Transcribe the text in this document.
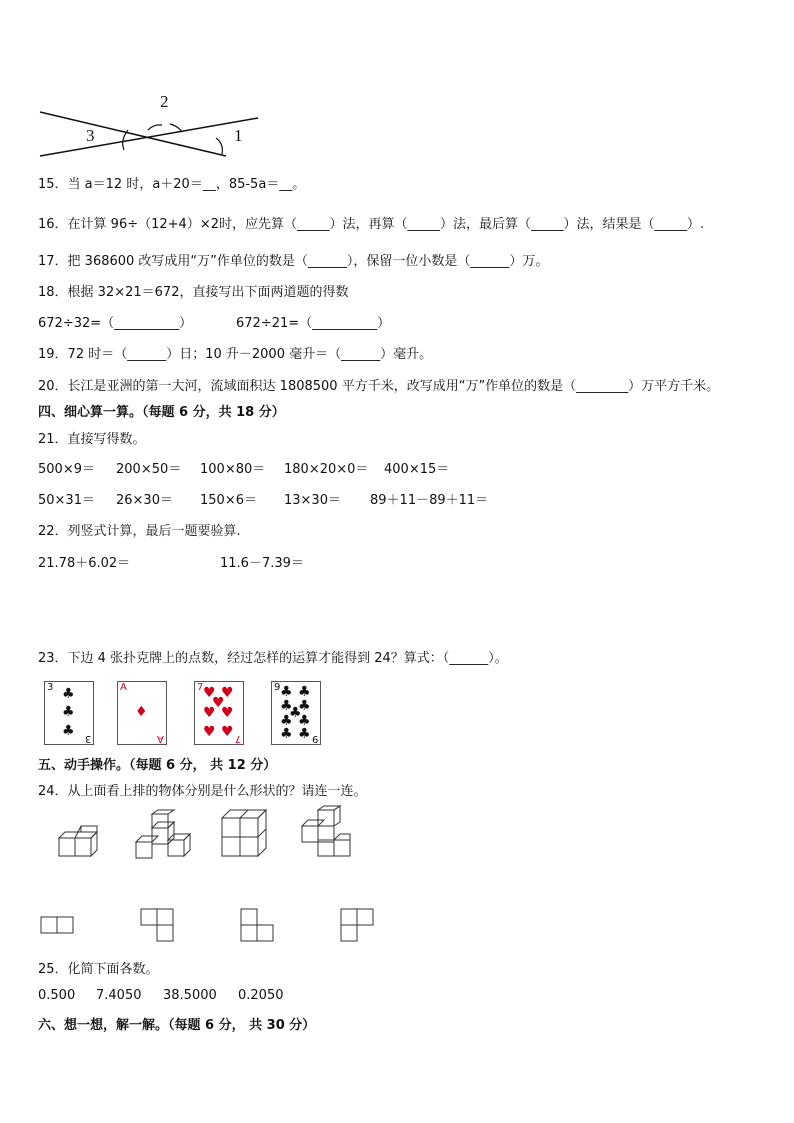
2
3	1
15．当 a＝12 时，a＋20＝__，85-5a＝__。
16．在计算 96÷（12+4）×2时，应先算（_____）法，再算（_____）法，最后算（_____）法，结果是（_____）.
17．把 368600 改写成用“万”作单位的数是（______），保留一位小数是（______）万。
18．根据 32×21＝672，直接写出下面两道题的得数
672÷32=（__________）	672÷21=（__________）
19．72 时＝（______）日；10 升－2000 毫升＝（______）毫升。
20．长江是亚洲的第一大河，流域面积达 1808500 平方千米，改写成用“万”作单位的数是（________）万平方千米。
四、细心算一算。（每题 6 分，共 18 分）
21．直接写得数。
500×9＝ 200×50＝ 100×80＝ 180×20×0＝ 400×15＝
50×31＝ 26×30＝ 150×6＝ 13×30＝ 89＋11－89＋11＝
22．列竖式计算，最后一题要验算.
21.78＋6.02＝	11.6－7.39＝
23．下边 4 张扑克牌上的点数，经过怎样的运算才能得到 24？算式：（______）。
3 ♣
♣
♣ 3
A
♦
A
7 ♥ ♥
♥
♥ ♥
♥ ♥ 7
9 ♣ ♣
♣ ♣
♣
♣ ♣
♣ ♣ 9
五、动手操作。（每题 6 分， 共 12 分）
24．从上面看上排的物体分别是什么形状的？请连一连。
25．化简下面各数。
0.500 7.4050 38.5000 0.2050
六、想一想，解一解。（每题 6 分， 共 30 分）
